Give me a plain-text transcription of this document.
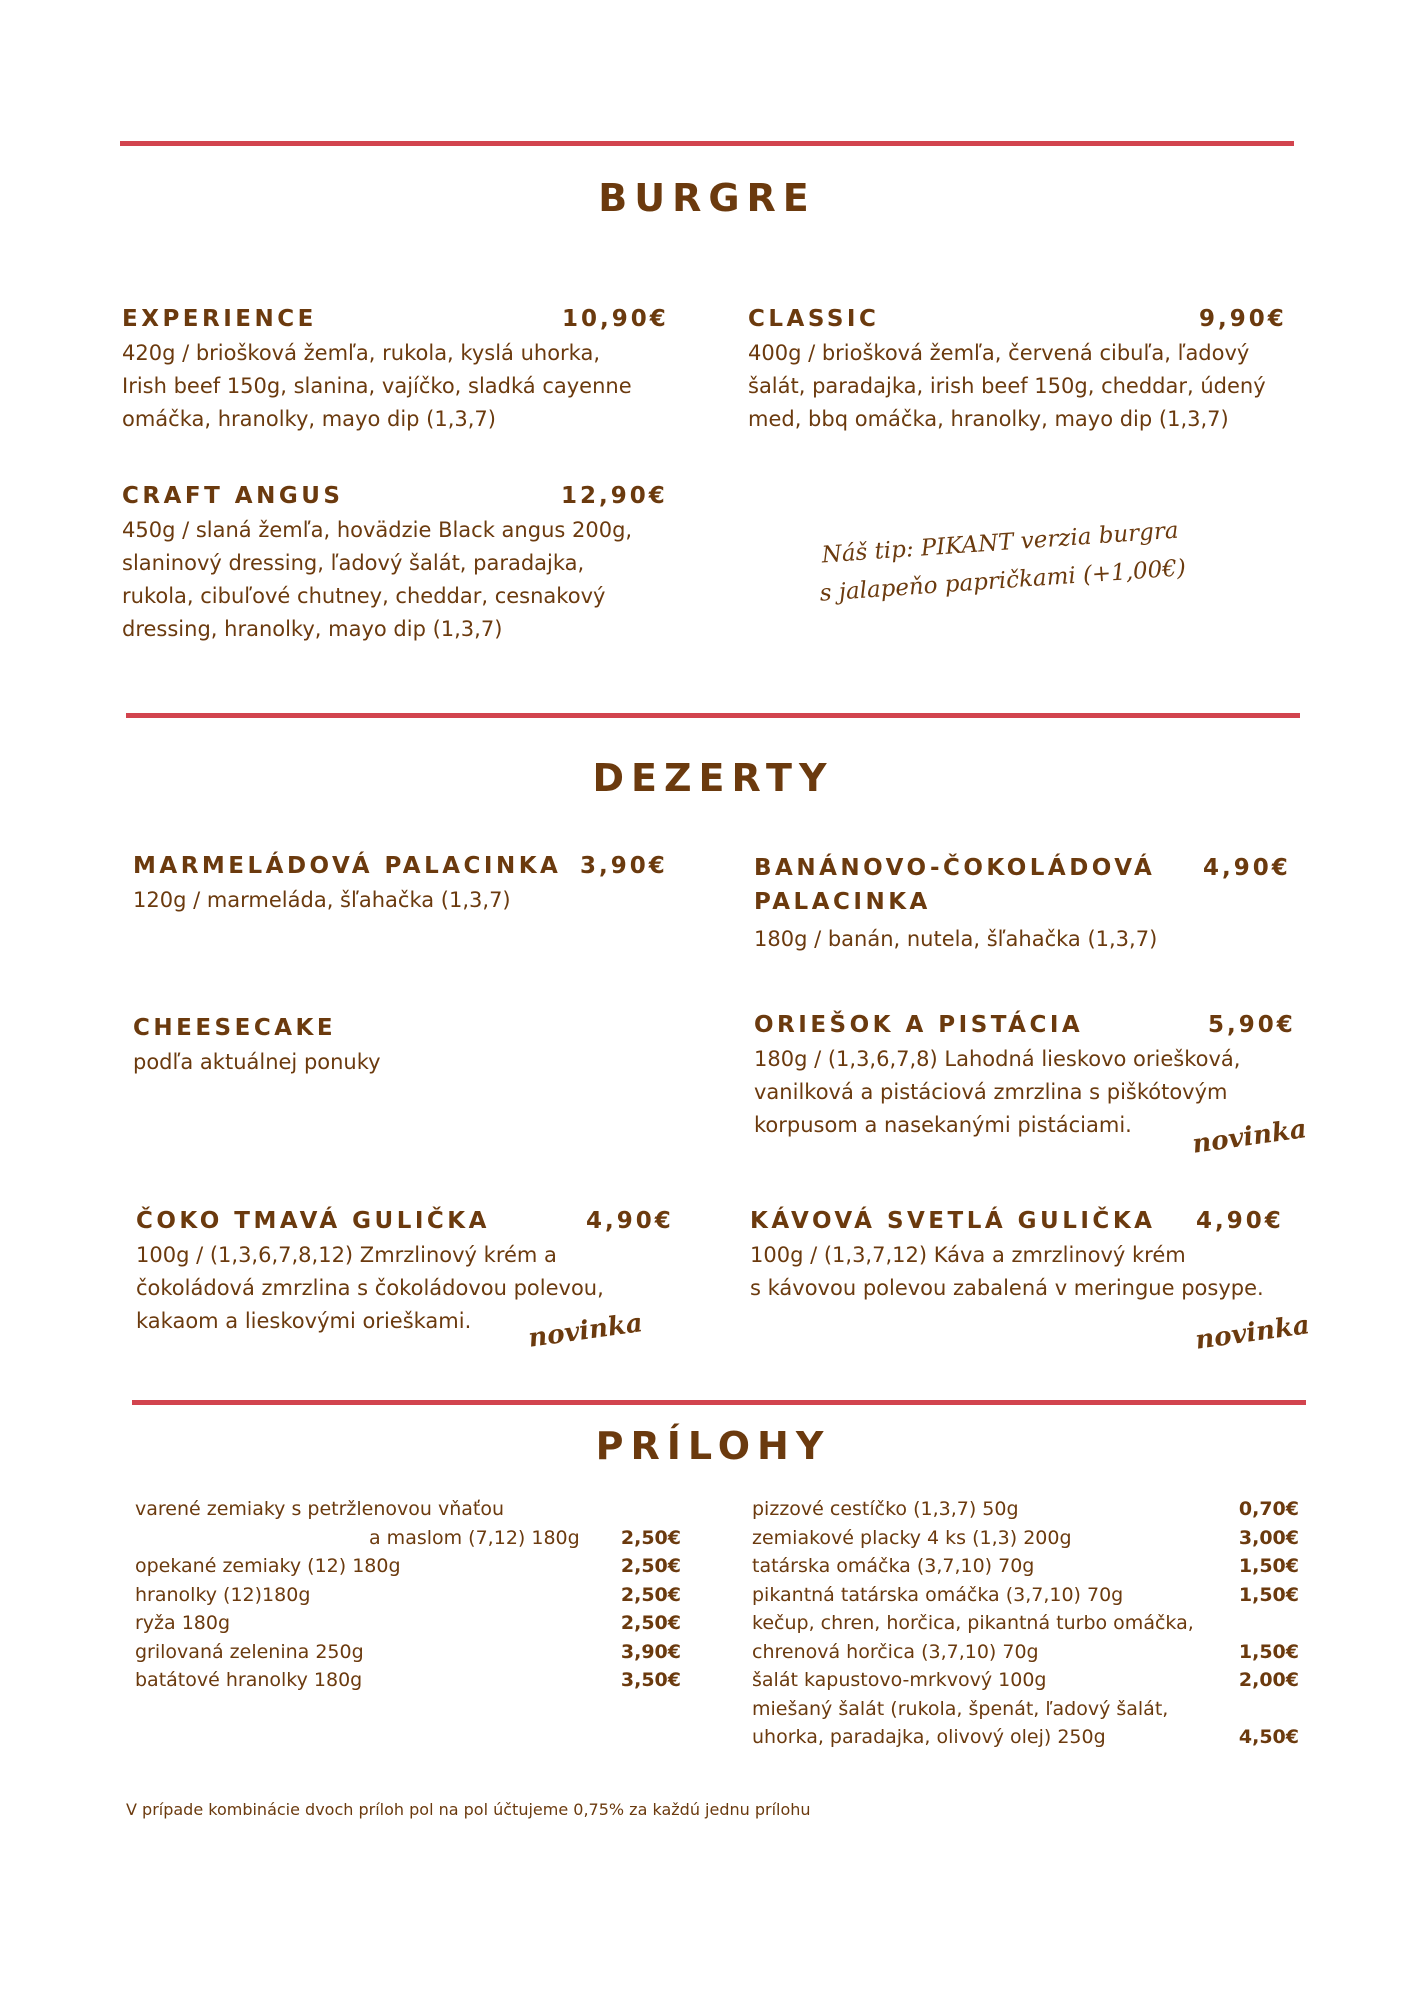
BURGRE
EXPERIENCE	10,90€
420g / briošková žemľa, rukola, kyslá uhorka,
Irish beef 150g, slanina, vajíčko, sladká cayenne
omáčka, hranolky, mayo dip (1,3,7)
CLASSIC	9,90€
400g / briošková žemľa, červená cibuľa, ľadový
šalát, paradajka, irish beef 150g, cheddar, údený
med, bbq omáčka, hranolky, mayo dip (1,3,7)
CRAFT ANGUS	12,90€
450g / slaná žemľa, hovädzie Black angus 200g,
slaninový dressing, ľadový šalát, paradajka,
rukola, cibuľové chutney, cheddar, cesnakový
dressing, hranolky, mayo dip (1,3,7)
Náš tip: PIKANT verzia burgra
s jalapeňo papričkami (+1,00€)
DEZERTY
MARMELÁDOVÁ PALACINKA 3,90€
120g / marmeláda, šľahačka (1,3,7)
BANÁNOVO-ČOKOLÁDOVÁ
PALACINKA
4,90€
180g / banán, nutela, šľahačka (1,3,7)
CHEESECAKE
podľa aktuálnej ponuky
ORIEŠOK A PISTÁCIA	5,90€
180g / (1,3,6,7,8) Lahodná lieskovo oriešková,
vanilková a pistáciová zmrzlina s piškótovým
korpusom a nasekanými pistáciami.	novinka
ČOKO TMAVÁ GULIČKA	4,90€
100g / (1,3,6,7,8,12) Zmrzlinový krém a
čokoládová zmrzlina s čokoládovou polevou,
kakaom a lieskovými orieškami.	novinka
KÁVOVÁ SVETLÁ GULIČKA 4,90€
100g / (1,3,7,12) Káva a zmrzlinový krém
s kávovou polevou zabalená v meringue posype.
novinka
PRÍLOHY
varené zemiaky s petržlenovou vňaťou
a maslom (7,12) 180g 2,50€
opekané zemiaky (12) 180g	2,50€
hranolky (12)180g	2,50€
ryža 180g	2,50€
grilovaná zelenina 250g	3,90€
batátové hranolky 180g	3,50€
pizzové cestíčko (1,3,7) 50g	0,70€
zemiakové placky 4 ks (1,3) 200g	3,00€
tatárska omáčka (3,7,10) 70g	1,50€
pikantná tatárska omáčka (3,7,10) 70g	1,50€
kečup, chren, horčica, pikantná turbo omáčka,
chrenová horčica (3,7,10) 70g	1,50€
šalát kapustovo-mrkvový 100g	2,00€
miešaný šalát (rukola, špenát, ľadový šalát,
uhorka, paradajka, olivový olej) 250g	4,50€
V prípade kombinácie dvoch príloh pol na pol účtujeme 0,75% za každú jednu prílohu
